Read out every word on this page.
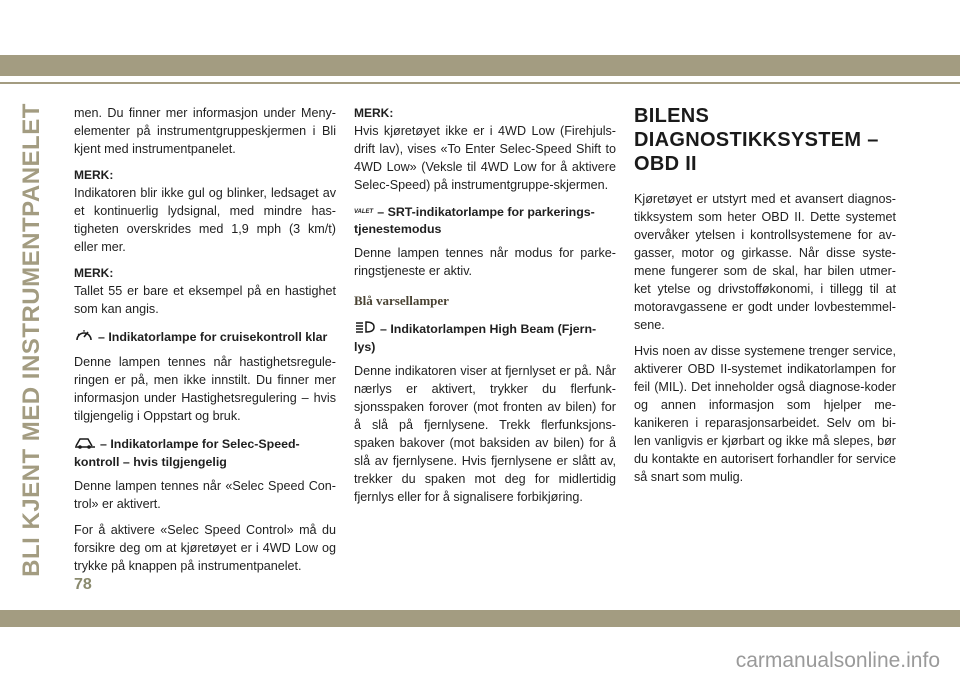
BLI KJENT MED INSTRUMENTPANELET men. Du finner mer informasjon under Meny-elementer på instrumentgruppeskjermen i Bli kjent med instrumentpanelet.

MERK:

Indikatoren blir ikke gul og blinker, ledsaget av et kontinuerlig lydsignal, med mindre has-tigheten overskrides med 1,9 mph (3 km/t) eller mer.

MERK:

Tallet 55 er bare et eksempel på en hastighet som kan angis.

– Indikatorlampe for cruisekontroll klar

Denne lampen tennes når hastighetsregule-ringen er på, men ikke innstilt. Du finner mer informasjon under Hastighetsregulering – hvis tilgjengelig i Oppstart og bruk.

– Indikatorlampe for Selec-Speed-kontroll – hvis tilgjengelig

Denne lampen tennes når «Selec Speed Con-trol» er aktivert.

For å aktivere «Selec Speed Control» må du forsikre deg om at kjøretøyet er i 4WD Low og trykke på knappen på instrumentpanelet.

MERK:

Hvis kjøretøyet ikke er i 4WD Low (Firehjuls-drift lav), vises «To Enter Selec-Speed Shift to 4WD Low» (Veksle til 4WD Low for å aktivere Selec-Speed) på instrumentgruppe-skjermen.

VALET – SRT-indikatorlampe for parkerings-tjenestemodus

Denne lampen tennes når modus for parke-ringstjeneste er aktiv.

Blå varsellamper
– Indikatorlampen High Beam (Fjern-lys)

Denne indikatoren viser at fjernlyset er på. Når nærlys er aktivert, trykker du flerfunk-sjonsspaken forover (mot fronten av bilen) for å slå på fjernlysene. Trekk flerfunksjons-spaken bakover (mot baksiden av bilen) for å slå av fjernlysene. Hvis fjernlysene er slått av, trekker du spaken mot deg for midlertidig fjernlys eller for å signalisere forbikjøring.

BILENS
DIAGNOSTIKKSYSTEM –
OBD II

Kjøretøyet er utstyrt med et avansert diagnos-tikksystem som heter OBD II. Dette systemet overvåker ytelsen i kontrollsystemene for av-gasser, motor og girkasse. Når disse syste-mene fungerer som de skal, har bilen utmer-ket ytelse og drivstofføkonomi, i tillegg til at motoravgassene er godt under lovbestemmel-sene.

Hvis noen av disse systemene trenger service, aktiverer OBD II-systemet indikatorlampen for feil (MIL). Det inneholder også diagnose-koder og annen informasjon som hjelper me-kanikeren i reparasjonsarbeidet. Selv om bi-len vanligvis er kjørbart og ikke må slepes, bør du kontakte en autorisert forhandler for service så snart som mulig.

78
carmanualsonline.info
